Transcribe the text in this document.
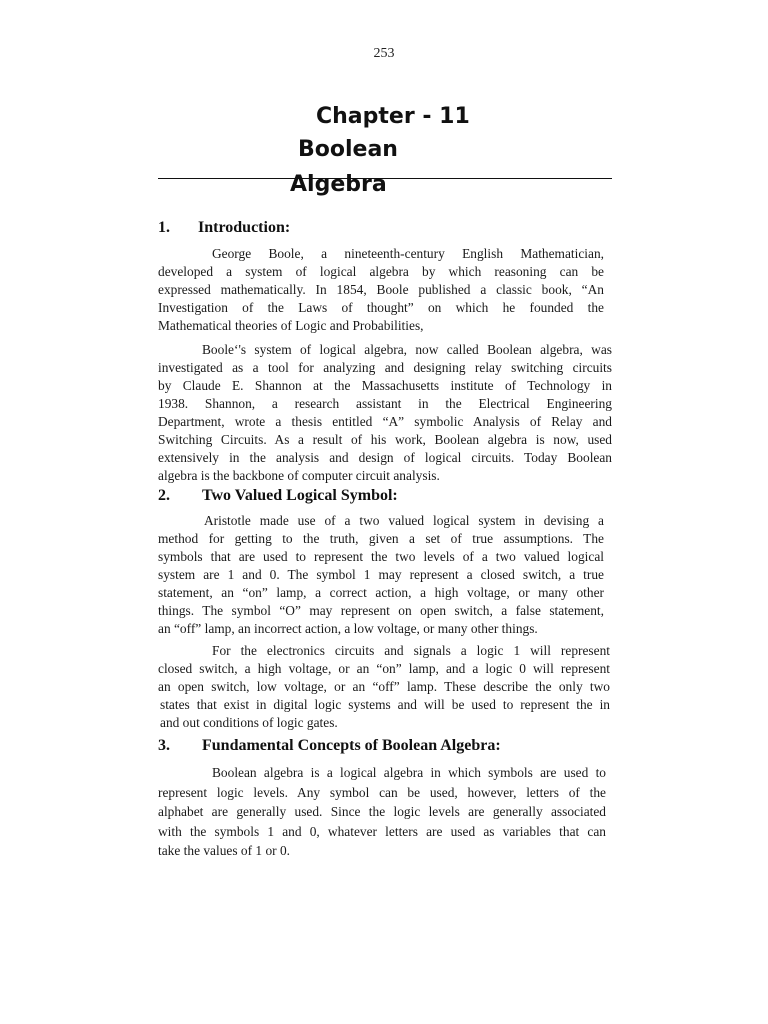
253
Chapter - 11
Boolean
Algebra
1. Introduction:
George Boole, a nineteenth-century English Mathematician,
developed a system of logical algebra by which reasoning can be
expressed mathematically. In 1854, Boole published a classic book, “An
Investigation of the Laws of thought” on which he founded the
Mathematical theories of Logic and Probabilities,
Boole‘'s system of logical algebra, now called Boolean algebra, was
investigated as a tool for analyzing and designing relay switching circuits
by Claude E. Shannon at the Massachusetts institute of Technology in
1938. Shannon, a research assistant in the Electrical Engineering
Department, wrote a thesis entitled “A” symbolic Analysis of Relay and
Switching Circuits. As a result of his work, Boolean algebra is now, used
extensively in the analysis and design of logical circuits. Today Boolean
algebra is the backbone of computer circuit analysis.
2. Two Valued Logical Symbol:
Aristotle made use of a two valued logical system in devising a
method for getting to the truth, given a set of true assumptions. The
symbols that are used to represent the two levels of a two valued logical
system are 1 and 0. The symbol 1 may represent a closed switch, a true
statement, an “on” lamp, a correct action, a high voltage, or many other
things. The symbol “O” may represent on open switch, a false statement,
an “off” lamp, an incorrect action, a low voltage, or many other things.
For the electronics circuits and signals a logic 1 will represent
closed switch, a high voltage, or an “on” lamp, and a logic 0 will represent
an open switch, low voltage, or an “off” lamp. These describe the only two
states that exist in digital logic systems and will be used to represent the in
and out conditions of logic gates.
3. Fundamental Concepts of Boolean Algebra:
Boolean algebra is a logical algebra in which symbols are used to
represent logic levels. Any symbol can be used, however, letters of the
alphabet are generally used. Since the logic levels are generally associated
with the symbols 1 and 0, whatever letters are used as variables that can
take the values of 1 or 0.
